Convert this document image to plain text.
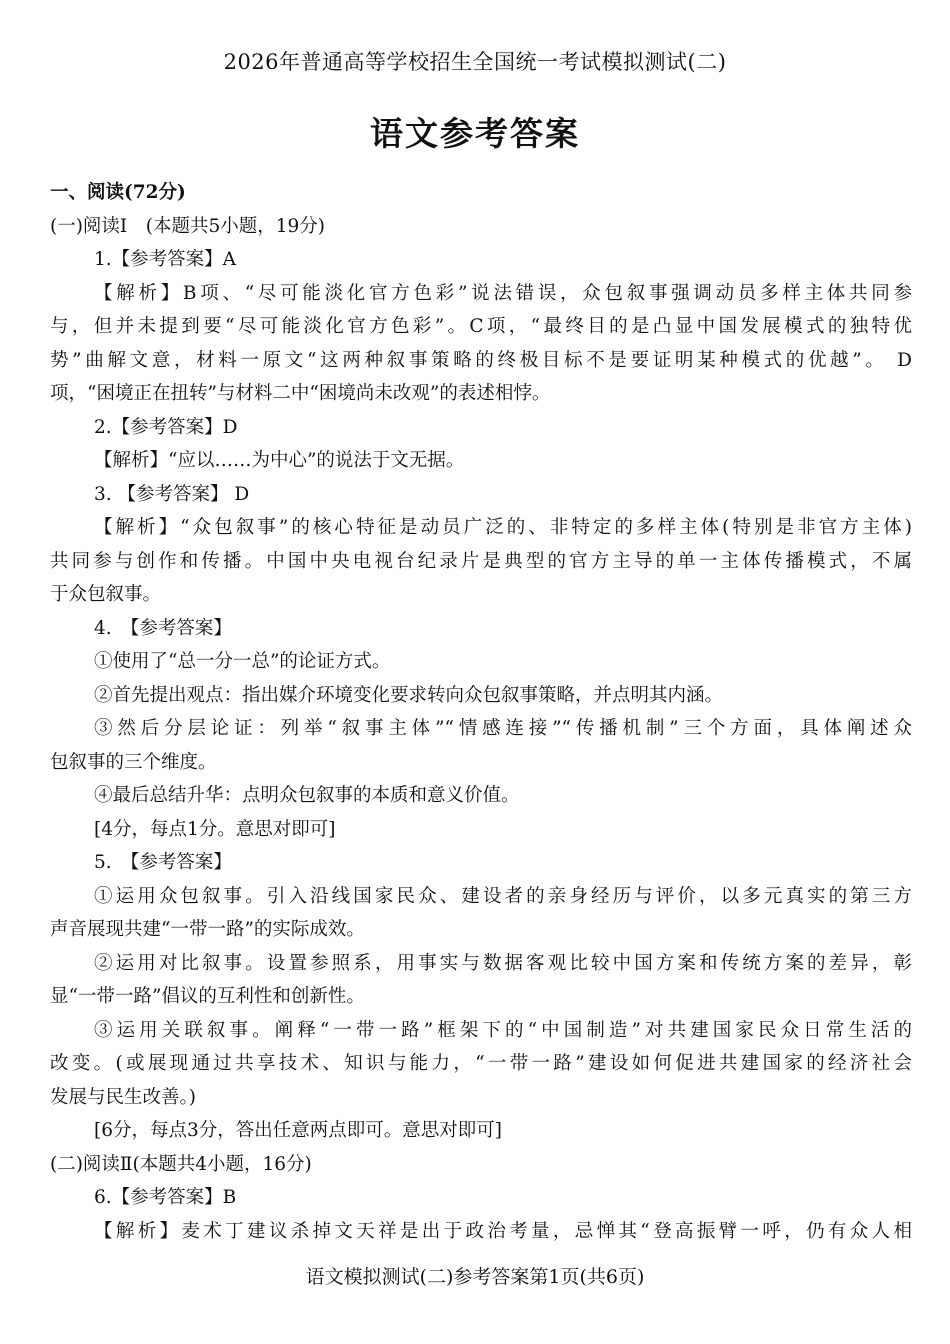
2026年普通高等学校招生全国统一考试模拟测试(二)
语文参考答案
一、阅读(72分)
(一)阅读I　(本题共5小题，19分)
1.【参考答案】A
【解析】B项、“尽可能淡化官方色彩”说法错误，众包叙事强调动员多样主体共同参
与，但并未提到要“尽可能淡化官方色彩”。C项，“最终目的是凸显中国发展模式的独特优
势”曲解文意，材料一原文“这两种叙事策略的终极目标不是要证明某种模式的优越”。 D
项，“困境正在扭转”与材料二中“困境尚未改观”的表述相悖。
2.【参考答案】D
【解析】“应以……为中心”的说法于文无据。
3. 【参考答案】 D
【解析】“众包叙事”的核心特征是动员广泛的、非特定的多样主体(特别是非官方主体)
共同参与创作和传播。中国中央电视台纪录片是典型的官方主导的单一主体传播模式，不属
于众包叙事。
4.　【参考答案】
①使用了“总一分一总”的论证方式。
②首先提出观点：指出媒介环境变化要求转向众包叙事策略，并点明其内涵。
③然后分层论证：列举“叙事主体”“情感连接”“传播机制”三个方面，具体阐述众
包叙事的三个维度。
④最后总结升华：点明众包叙事的本质和意义价值。
[4分，每点1分。意思对即可]
5.　【参考答案】
①运用众包叙事。引入沿线国家民众、建设者的亲身经历与评价，以多元真实的第三方
声音展现共建“一带一路”的实际成效。
②运用对比叙事。设置参照系，用事实与数据客观比较中国方案和传统方案的差异，彰
显“一带一路”倡议的互利性和创新性。
③运用关联叙事。阐释“一带一路”框架下的“中国制造”对共建国家民众日常生活的
改变。(或展现通过共享技术、知识与能力，“一带一路”建设如何促进共建国家的经济社会
发展与民生改善。)
[6分，每点3分，答出任意两点即可。意思对即可]
(二)阅读Ⅱ(本题共4小题，16分)
6.【参考答案】B
【解析】麦术丁建议杀掉文天祥是出于政治考量，忌惮其“登高振臂一呼，仍有众人相
语文模拟测试(二)参考答案第1页(共6页)
